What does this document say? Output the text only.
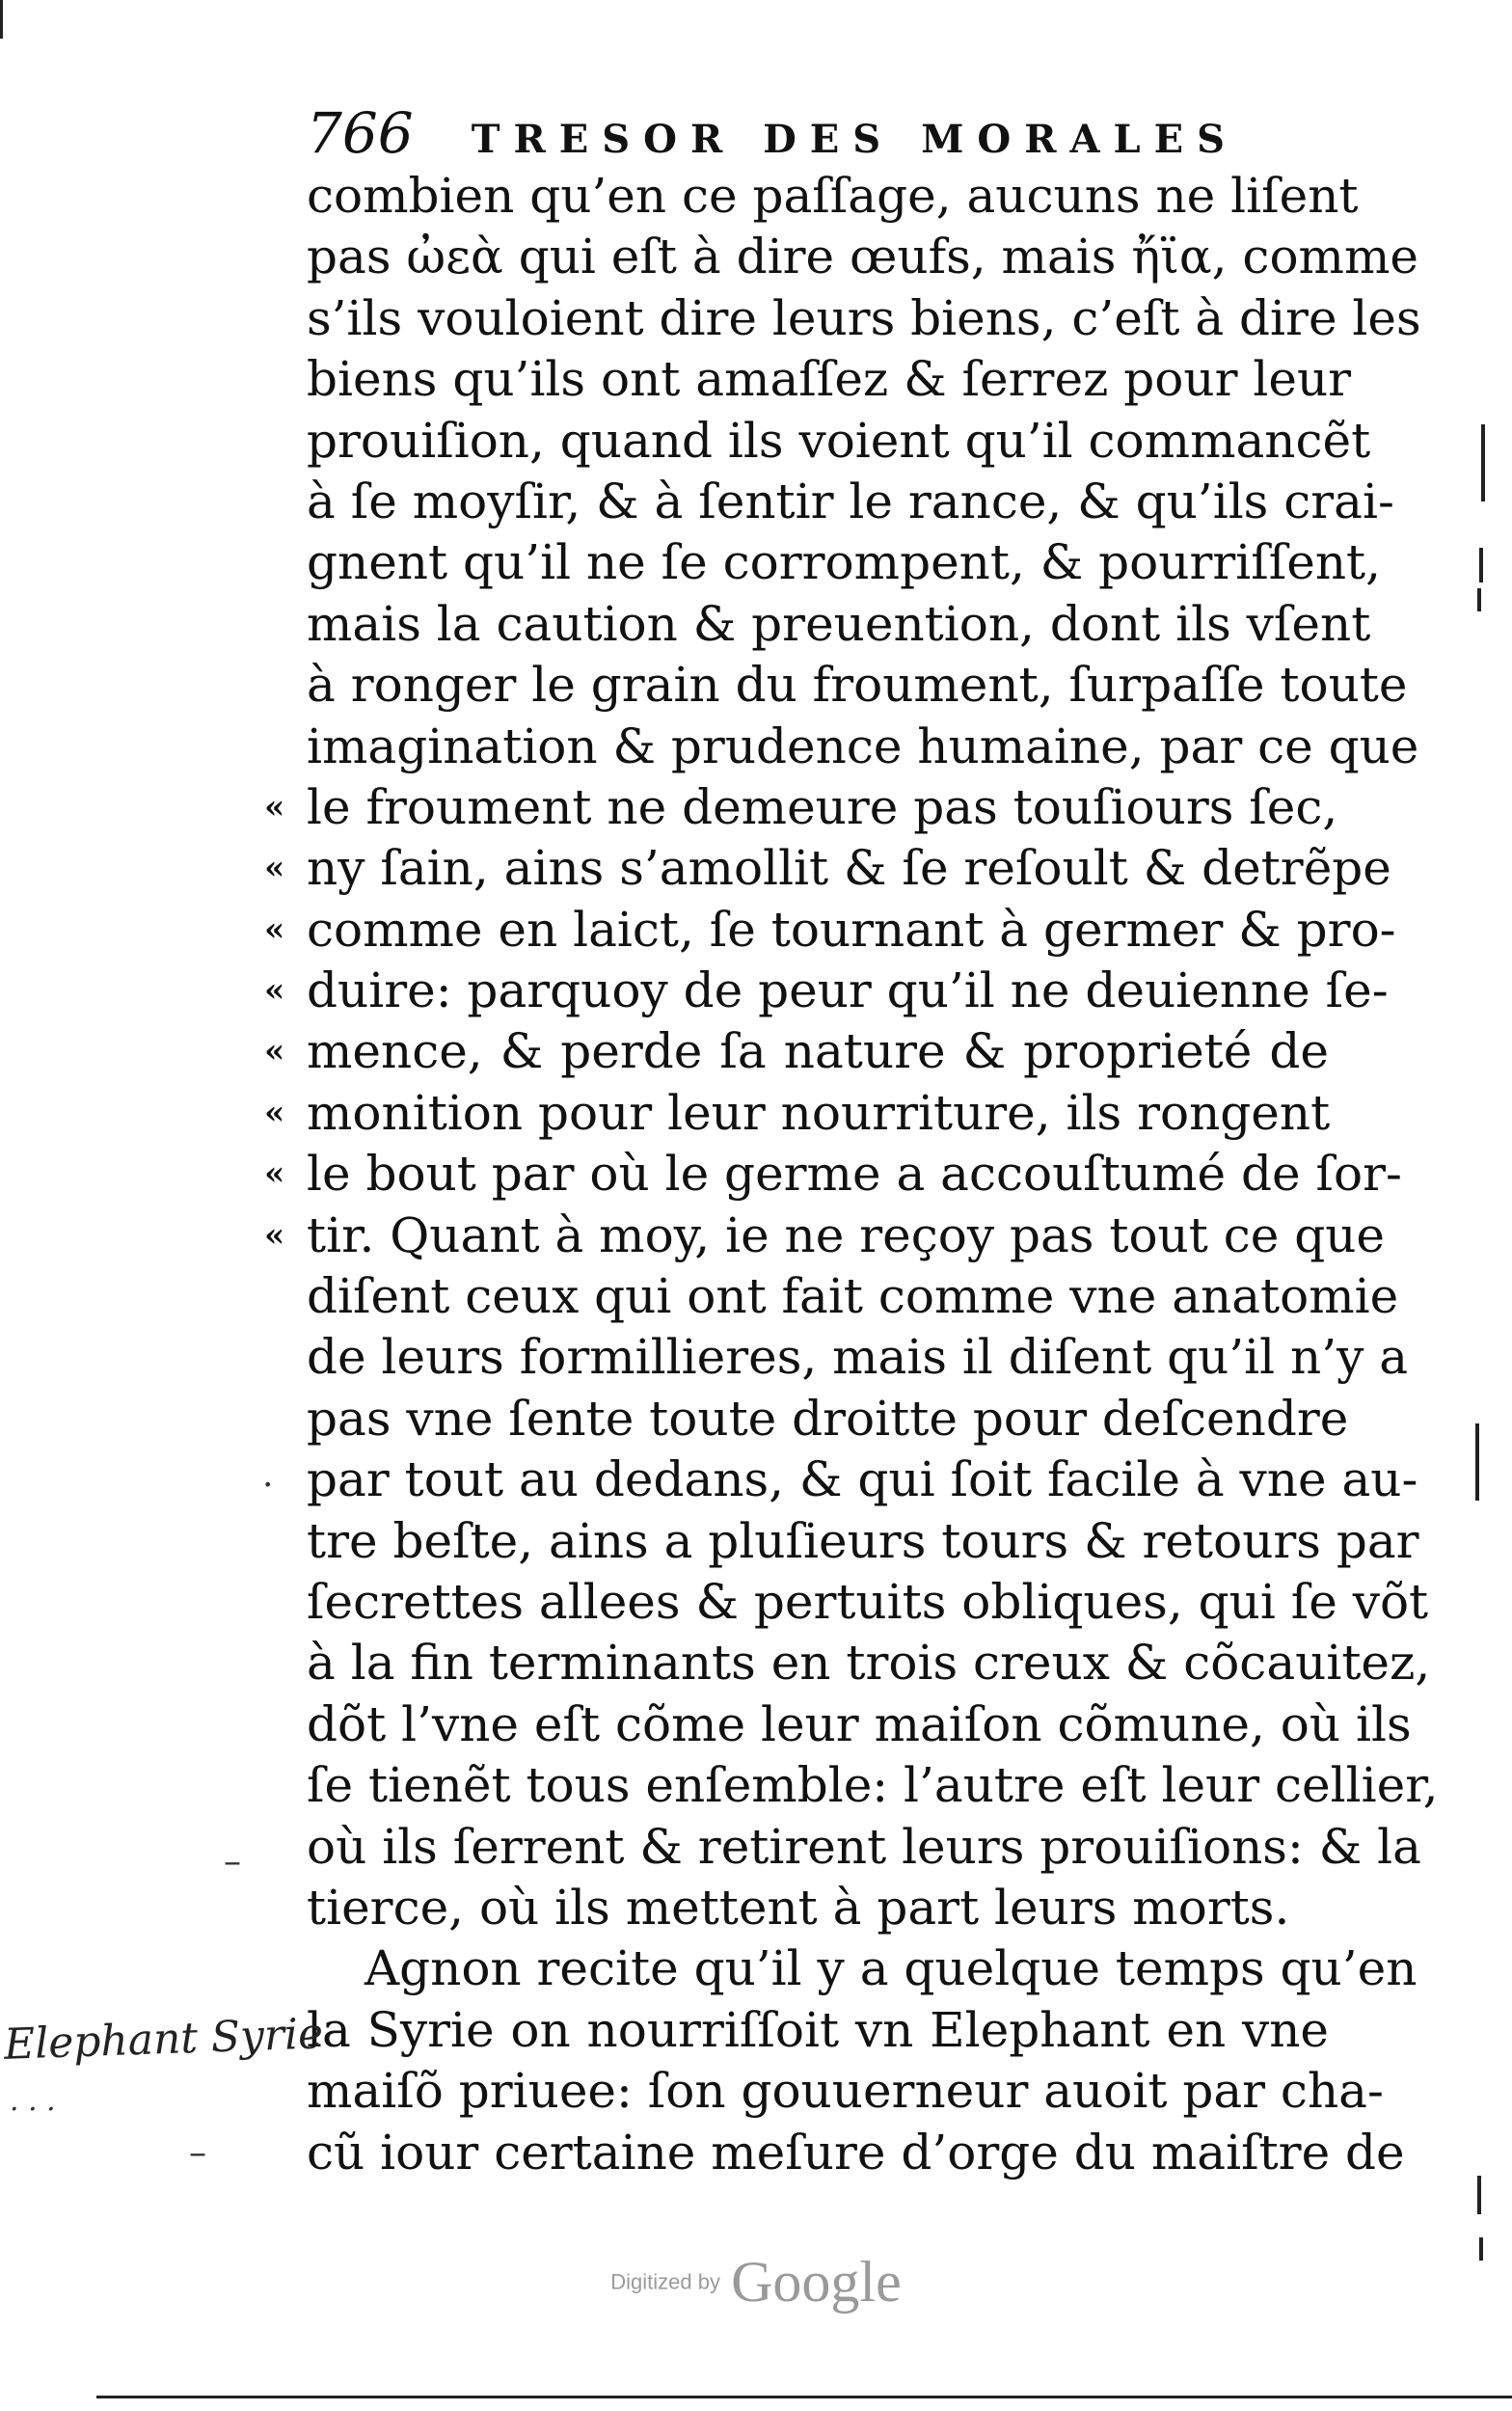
766 TRESOR DES MORALES
combien qu’en ce paſſage, aucuns ne liſent
pas ὠεὰ qui eſt à dire œufs, mais ἤϊα, comme
s’ils vouloient dire leurs biens, c’eſt à dire les
biens qu’ils ont amaſſez & ſerrez pour leur
prouiſion, quand ils voient qu’il commancẽt
à ſe moyſir, & à ſentir le rance, & qu’ils crai-
gnent qu’il ne ſe corrompent, & pourriſſent,
mais la caution & preuention, dont ils vſent
à ronger le grain du froument, ſurpaſſe toute
imagination & prudence humaine, par ce que
« le froument ne demeure pas touſiours ſec,
« ny ſain, ains s’amollit & ſe reſoult & detrẽpe
« comme en laict, ſe tournant à germer & pro-
« duire: parquoy de peur qu’il ne deuienne ſe-
« mence, & perde ſa nature & proprieté de
« monition pour leur nourriture, ils rongent
« le bout par où le germe a accouſtumé de ſor-
« tir. Quant à moy, ie ne reçoy pas tout ce que
diſent ceux qui ont fait comme vne anatomie
de leurs formillieres, mais il diſent qu’il n’y a
pas vne ſente toute droitte pour deſcendre
par tout au dedans, & qui ſoit facile à vne au-
tre beſte, ains a pluſieurs tours & retours par
ſecrettes allees & pertuits obliques, qui ſe võt
à la fin terminants en trois creux & cõcauitez,
dõt l’vne eſt cõme leur maiſon cõmune, où ils
ſe tienẽt tous enſemble: l’autre eſt leur cellier,
où ils ſerrent & retirent leurs prouiſions: & la
tierce, où ils mettent à part leurs morts.
Agnon recite qu’il y a quelque temps qu’en
la Syrie on nourriſſoit vn Elephant en vne
maiſõ priuee: ſon gouuerneur auoit par cha-
cũ iour certaine meſure d’orge du maiſtre de
Elephant Syrie
· · ·
·
–
–
Digitized by Google
